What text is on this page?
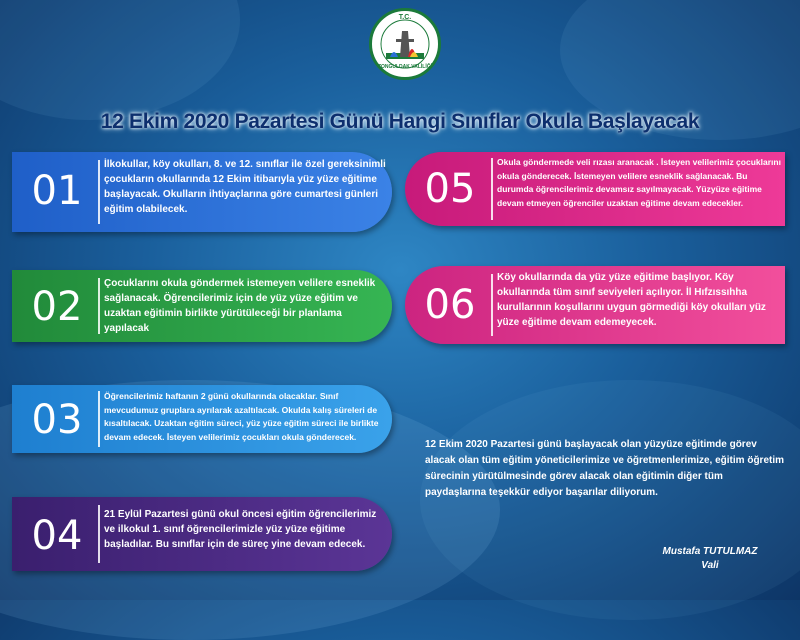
T.C.
ZONGULDAK VALİLİĞİ
12 Ekim 2020 Pazartesi Günü Hangi Sınıflar Okula Başlayacak
01
İlkokullar, köy okulları, 8. ve 12. sınıflar ile özel gereksinimli çocukların okullarında 12 Ekim itibarıyla yüz yüze eğitime başlayacak. Okulların ihtiyaçlarına göre cumartesi günleri eğitim olabilecek.
02
Çocuklarını okula göndermek istemeyen velilere esneklik sağlanacak. Öğrencilerimiz için de yüz yüze eğitim ve uzaktan eğitimin birlikte yürütüleceği bir planlama yapılacak
03
Öğrencilerimiz haftanın 2 günü okullarında olacaklar. Sınıf mevcudumuz gruplara ayrılarak azaltılacak. Okulda kalış süreleri de kısaltılacak. Uzaktan eğitim süreci, yüz yüze eğitim süreci ile birlikte devam edecek. İsteyen velilerimiz çocukları okula gönderecek.
04	21 Eylül Pazartesi günü okul öncesi eğitim öğrencilerimiz ve ilkokul 1. sınıf öğrencilerimizle yüz yüze eğitime başladılar. Bu sınıflar için de süreç yine devam edecek.
05
Okula göndermede veli rızası aranacak . İsteyen velilerimiz çocuklarını okula gönderecek. İstemeyen velilere esneklik sağlanacak. Bu durumda öğrencilerimiz devamsız sayılmayacak. Yüzyüze eğitime devam etmeyen öğrenciler uzaktan eğitime devam edecekler.
06
Köy okullarında da yüz yüze eğitime başlıyor. Köy okullarında tüm sınıf seviyeleri açılıyor. İl Hıfzıssıhha kurullarının koşullarını uygun görmediği köy okulları yüz yüze eğitime devam edemeyecek.
12 Ekim 2020 Pazartesi günü başlayacak olan yüzyüze eğitimde görev alacak olan tüm eğitim yöneticilerimize ve öğretmenlerimize, eğitim öğretim sürecinin yürütülmesinde görev alacak olan eğitimin diğer tüm paydaşlarına teşekkür ediyor başarılar diliyorum.
Mustafa TUTULMAZ
Vali
